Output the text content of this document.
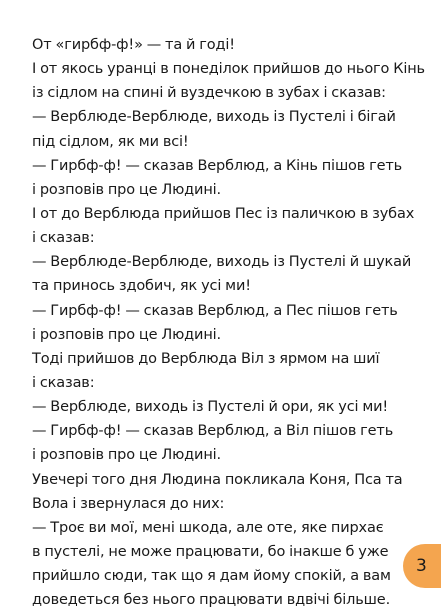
От «гирбф-ф!» — та й годі!
І от якось уранці в понеділок прийшов до нього Кінь
із сідлом на спині й вуздечкою в зубах і сказав:
— Верблюде-Верблюде, виходь із Пустелі і бігай
під сідлом, як ми всі!
— Гирбф-ф! — сказав Верблюд, а Кінь пішов геть
і розповів про це Людині.
І от до Верблюда прийшов Пес із паличкою в зубах
і сказав:
— Верблюде-Верблюде, виходь із Пустелі й шукай
та принось здобич, як усі ми!
— Гирбф-ф! — сказав Верблюд, а Пес пішов геть
і розповів про це Людині.
Тоді прийшов до Верблюда Віл з ярмом на шиї
і сказав:
— Верблюде, виходь із Пустелі й ори, як усі ми!
— Гирбф-ф! — сказав Верблюд, а Віл пішов геть
і розповів про це Людині.
Увечері того дня Людина покликала Коня, Пса та
Вола і звернулася до них:
— Троє ви мої, мені шкода, але оте, яке пирхає
в пустелі, не може працювати, бо інакше б уже
прийшло сюди, так що я дам йому спокій, а вам
доведеться без нього працювати вдвічі більше.
3
